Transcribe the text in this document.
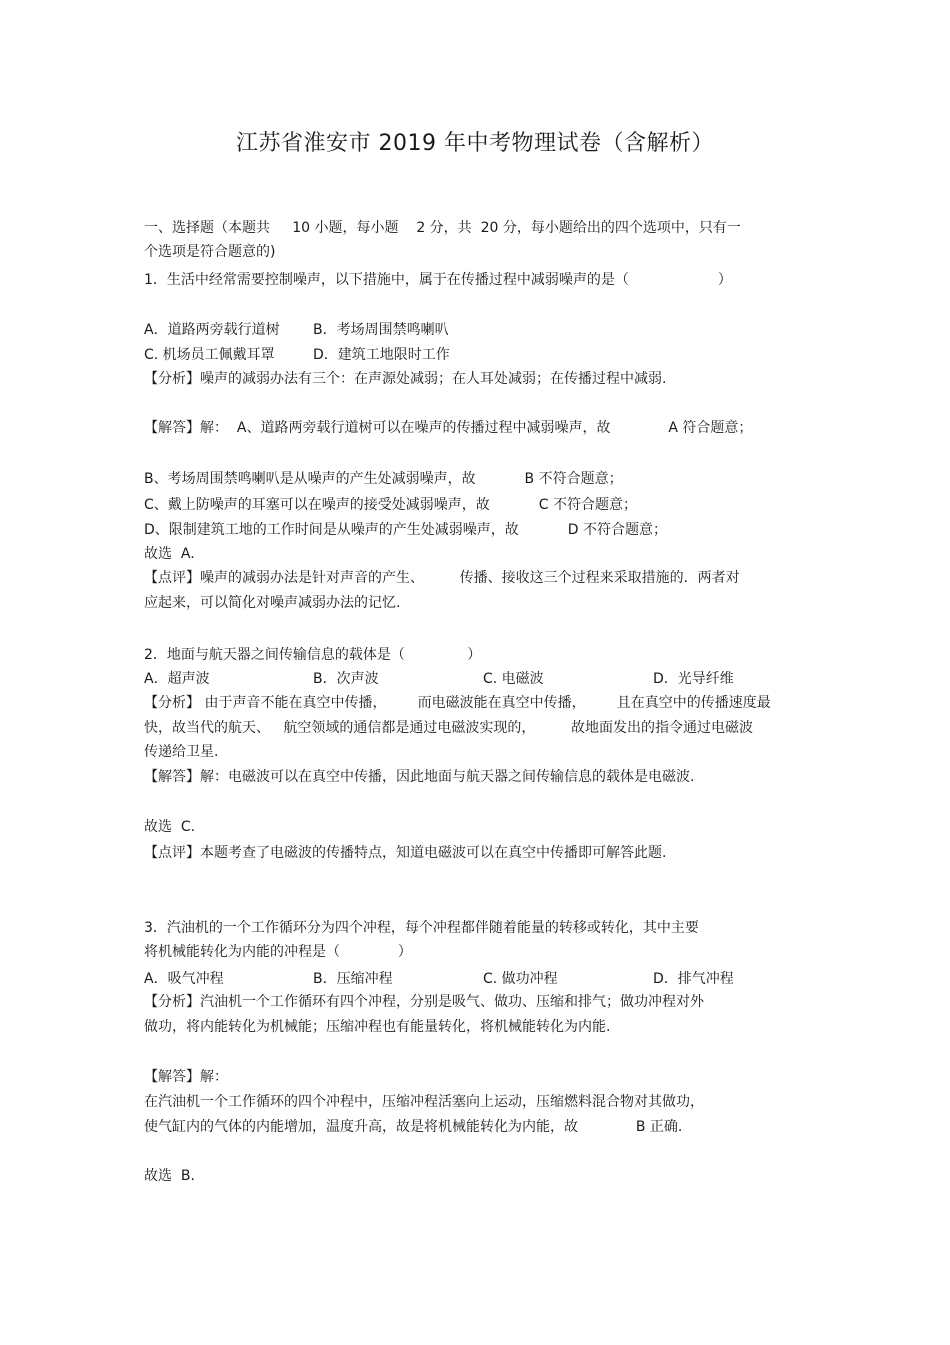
江苏省淮安市 2019 年中考物理试卷（含解析）
一、选择题（本题共     10 小题，每小题    2 分，共  20 分，每小题给出的四个选项中，只有一
个选项是符合题意的)
1．生活中经常需要控制噪声，以下措施中，属于在传播过程中减弱噪声的是（                    ）
A．道路两旁载行道树 B．考场周围禁鸣喇叭
C. 机场员工佩戴耳罩	D．建筑工地限时工作
【分析】噪声的减弱办法有三个：在声源处减弱；在人耳处减弱；在传播过程中减弱.
【解答】解：  A、道路两旁载行道树可以在噪声的传播过程中减弱噪声，故             A 符合题意；
B、考场周围禁鸣喇叭是从噪声的产生处减弱噪声，故           B 不符合题意；
C、戴上防噪声的耳塞可以在噪声的接受处减弱噪声，故           C 不符合题意；
D、限制建筑工地的工作时间是从噪声的产生处减弱噪声，故           D 不符合题意；
故选  A.
【点评】噪声的减弱办法是针对声音的产生、        传播、接收这三个过程来采取措施的．两者对
应起来，可以简化对噪声减弱办法的记忆.
2．地面与航天器之间传输信息的载体是（              ）
A．超声波	B．次声波	C. 电磁波	D．光导纤维
【分析】 由于声音不能在真空中传播，       而电磁波能在真空中传播，       且在真空中的传播速度最
快，故当代的航天、   航空领域的通信都是通过电磁波实现的，        故地面发出的指令通过电磁波
传递给卫星.
【解答】解：电磁波可以在真空中传播，因此地面与航天器之间传输信息的载体是电磁波.
故选  C.
【点评】本题考查了电磁波的传播特点，知道电磁波可以在真空中传播即可解答此题.
3．汽油机的一个工作循环分为四个冲程，每个冲程都伴随着能量的转移或转化，其中主要
将机械能转化为内能的冲程是（             ）
A．吸气冲程	B．压缩冲程	C. 做功冲程	D．排气冲程
【分析】汽油机一个工作循环有四个冲程，分别是吸气、做功、压缩和排气；做功冲程对外
做功，将内能转化为机械能；压缩冲程也有能量转化，将机械能转化为内能.
【解答】解：
在汽油机一个工作循环的四个冲程中，压缩冲程活塞向上运动，压缩燃料混合物对其做功，
使气缸内的气体的内能增加，温度升高，故是将机械能转化为内能，故             B 正确.
故选  B.
